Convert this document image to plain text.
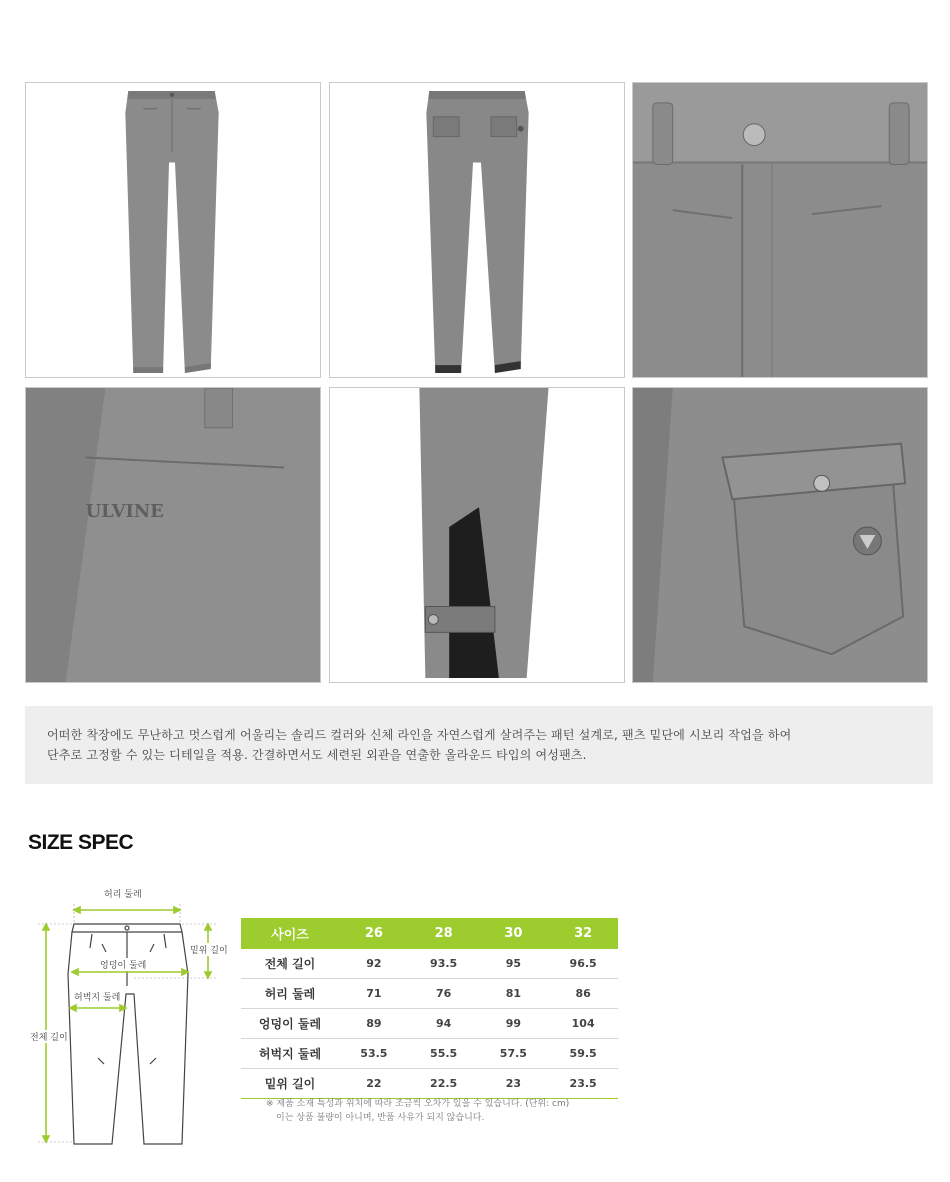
ULVINE

어떠한 착장에도 무난하고 멋스럽게 어울리는 솔리드 컬러와 신체 라인을 자연스럽게 살려주는 패턴 설계로, 팬츠 밑단에 시보리 작업을 하여

단추로 고정할 수 있는 디테일을 적용. 간결하면서도 세련된 외관을 연출한 올라운드 타입의 여성팬츠.

SIZE SPEC
허리 둘레
밑위 길이
엉덩이 둘레
허벅지 둘레
전체 길이
사이즈	26	28	30	32
전체 길이	92	93.5	95	96.5
허리 둘레	71	76	81	86
엉덩이 둘레	89	94	99	104
허벅지 둘레	53.5	55.5	57.5	59.5
밑위 길이	22	22.5	23	23.5

※ 제품 소재 특성과 위치에 따라 조금씩 오차가 있을 수 있습니다. (단위: cm)

이는 상품 불량이 아니며, 반품 사유가 되지 않습니다.
